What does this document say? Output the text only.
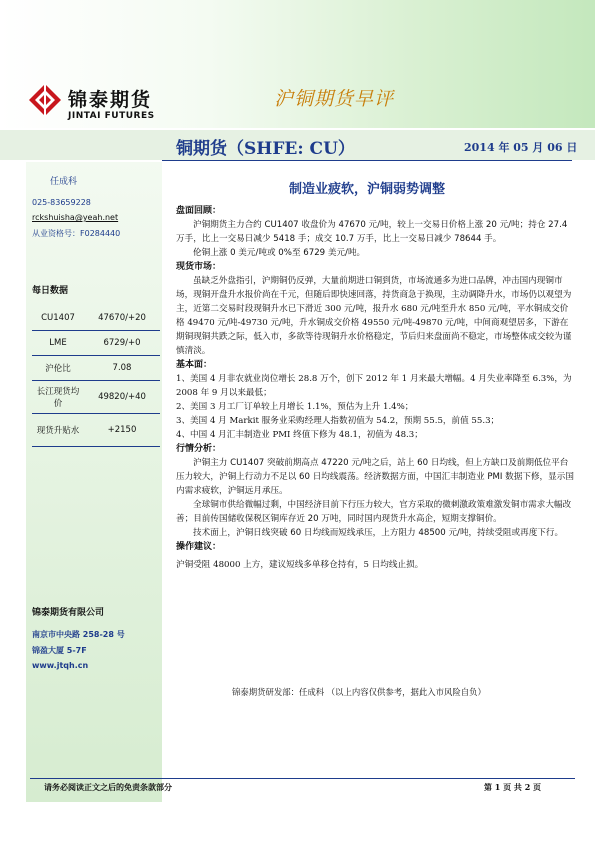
锦泰期货
JINTAI FUTURES
沪铜期货早评
铜期货（SHFE: CU）	2014 年 05 月 06 日
任成科
025-83659228
rckshuisha@yeah.net
从业资格号：F0284440
每日数据
CU1407	47670/+20
LME	6729/+0
沪伦比	7.08
长江现货均价	49820/+40
现货升贴水	+2150
锦泰期货有限公司
南京市中央路 258-28 号
锦盈大厦 5-7F
www.jtqh.cn
制造业疲软，沪铜弱势调整
盘面回顾：

沪铜期货主力合约 CU1407 收盘价为 47670 元/吨，较上一交易日价格上涨 20 元/吨；持仓 27.4 万手，比上一交易日减少 5418 手；成交 10.7 万手，比上一交易日减少 78644 手。

伦铜上涨 0 美元/吨或 0%至 6729 美元/吨。

现货市场：

虽缺乏外盘指引，沪期铜仍反弹，大量前期进口铜到货，市场流通多为进口品牌，冲击国内现铜市场，现铜开盘升水报价尚在千元，但随后即快速回落，持货商急于换现，主动调降升水，市场仍以观望为主，近第二交易时段现铜升水已下滑近 300 元/吨，报升水 680 元/吨至升水 850 元/吨，平水铜成交价格 49470 元/吨-49730 元/吨，升水铜成交价格 49550 元/吨-49870 元/吨，中间商观望居多，下游在期铜现铜共跌之际，低入市，多欲等待现铜升水价格稳定，节后归来盘面尚不稳定，市场整体成交较为谨慎清淡。

基本面：

1、美国 4 月非农就业岗位增长 28.8 万个，创下 2012 年 1 月来最大增幅。4 月失业率降至 6.3%，为 2008 年 9 月以来最低；

2、美国 3 月工厂订单较上月增长 1.1%，预估为上升 1.4%；

3、美国 4 月 Markit 服务业采购经理人指数初值为 54.2，预期 55.5，前值 55.3；

4、中国 4 月汇丰制造业 PMI 终值下修为 48.1，初值为 48.3；

行情分析：

沪铜主力 CU1407 突破前期高点 47220 元/吨之后，站上 60 日均线，但上方缺口及前期低位平台压力较大，沪铜上行动力不足以 60 日均线震荡。经济数据方面，中国汇丰制造业 PMI 数据下修，显示国内需求疲软，沪铜远月承压。

全球铜市供给微幅过剩，中国经济目前下行压力较大，官方采取的微刺激政策难激发铜市需求大幅改善；目前传国储收保税区铜库存近 20 万吨，同时国内现货升水高企，短期支撑铜价。

技术面上，沪铜日线突破 60 日均线而短线承压，上方阻力 48500 元/吨，持续受阻或再度下行。

操作建议：

沪铜受阻 48000 上方，建议短线多单移仓持有，5 日均线止损。

锦泰期货研发部：任成科 （以上内容仅供参考，据此入市风险自负）
请务必阅读正文之后的免责条款部分	第 1 页 共 2 页
